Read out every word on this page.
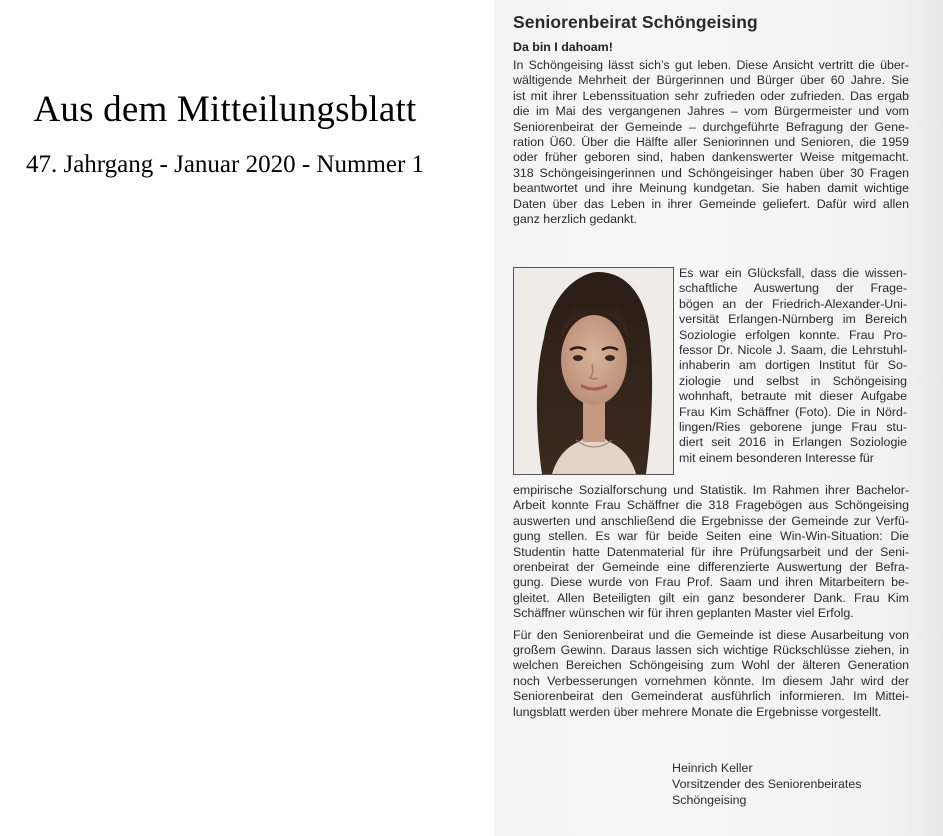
Aus dem Mitteilungsblatt
47. Jahrgang - Januar 2020 - Nummer 1
Seniorenbeirat Schöngeising
Da bin I dahoam!
In Schöngeising lässt sich’s gut leben. Diese Ansicht vertritt die über-
wältigende Mehrheit der Bürgerinnen und Bürger über 60 Jahre. Sie
ist mit ihrer Lebenssituation sehr zufrieden oder zufrieden. Das ergab
die im Mai des vergangenen Jahres – vom Bürgermeister und vom
Seniorenbeirat der Gemeinde – durchgeführte Befragung der Gene-
ration Ü60. Über die Hälfte aller Seniorinnen und Senioren, die 1959
oder früher geboren sind, haben dankenswerter Weise mitgemacht.
318 Schöngeisingerinnen und Schöngeisinger haben über 30 Fragen
beantwortet und ihre Meinung kundgetan. Sie haben damit wichtige
Daten über das Leben in ihrer Gemeinde geliefert. Dafür wird allen
ganz herzlich gedankt.
Es war ein Glücksfall, dass die wissen-
schaftliche Auswertung der Frage-
bögen an der Friedrich-Alexander-Uni-
versität Erlangen-Nürnberg im Bereich
Soziologie erfolgen konnte. Frau Pro-
fessor Dr. Nicole J. Saam, die Lehrstuhl-
inhaberin am dortigen Institut für So-
ziologie und selbst in Schöngeising
wohnhaft, betraute mit dieser Aufgabe
Frau Kim Schäffner (Foto). Die in Nörd-
lingen/Ries geborene junge Frau stu-
diert seit 2016 in Erlangen Soziologie
mit einem besonderen Interesse für
empirische Sozialforschung und Statistik. Im Rahmen ihrer Bachelor-
Arbeit konnte Frau Schäffner die 318 Fragebögen aus Schöngeising
auswerten und anschließend die Ergebnisse der Gemeinde zur Verfü-
gung stellen. Es war für beide Seiten eine Win-Win-Situation: Die
Studentin hatte Datenmaterial für ihre Prüfungsarbeit und der Seni-
orenbeirat der Gemeinde eine differenzierte Auswertung der Befra-
gung. Diese wurde von Frau Prof. Saam und ihren Mitarbeitern be-
gleitet. Allen Beteiligten gilt ein ganz besonderer Dank. Frau Kim
Schäffner wünschen wir für ihren geplanten Master viel Erfolg.
Für den Seniorenbeirat und die Gemeinde ist diese Ausarbeitung von
großem Gewinn. Daraus lassen sich wichtige Rückschlüsse ziehen, in
welchen Bereichen Schöngeising zum Wohl der älteren Generation
noch Verbesserungen vornehmen könnte. Im diesem Jahr wird der
Seniorenbeirat den Gemeinderat ausführlich informieren. Im Mittei-
lungsblatt werden über mehrere Monate die Ergebnisse vorgestellt.
Heinrich Keller
Vorsitzender des Seniorenbeirates
Schöngeising
